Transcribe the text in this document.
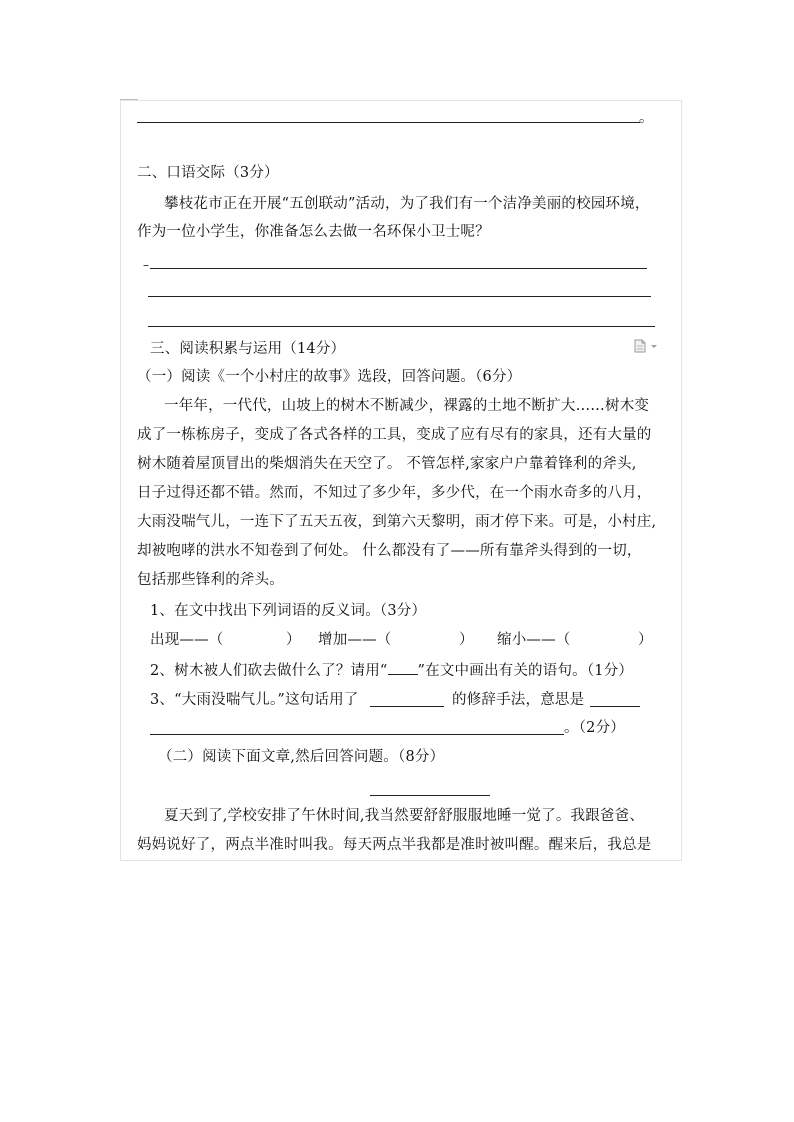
。
二、口语交际（3分）
攀枝花市正在开展“五创联动”活动，为了我们有一个洁净美丽的校园环境，
作为一位小学生，你准备怎么去做一名环保小卫士呢？
–
三、阅读积累与运用（14分）
（一）阅读《一个小村庄的故事》选段，回答问题。（6分）
一年年，一代代，山坡上的树木不断减少，裸露的土地不断扩大……树木变
成了一栋栋房子，变成了各式各样的工具，变成了应有尽有的家具，还有大量的
树木随着屋顶冒出的柴烟消失在天空了。 不管怎样,家家户户靠着锋利的斧头,
日子过得还都不错。然而，不知过了多少年，多少代，在一个雨水奇多的八月，
大雨没喘气儿，一连下了五天五夜，到第六天黎明，雨才停下来。可是，小村庄,
却被咆哮的洪水不知卷到了何处。 什么都没有了——所有靠斧头得到的一切，
包括那些锋利的斧头。
1、在文中找出下列词语的反义词。（3分）
出现——（	） 增加——（	） 缩小——（	）
2、树木被人们砍去做什么了？请用“ ”在文中画出有关的语句。（1分）
3、“大雨没喘气儿。”这句话用了	的修辞手法，意思是
。（2分）
（二）阅读下面文章,然后回答问题。（8分）
夏天到了,学校安排了午休时间,我当然要舒舒服服地睡一觉了。我跟爸爸、
妈妈说好了，两点半准时叫我。每天两点半我都是准时被叫醒。醒来后，我总是
